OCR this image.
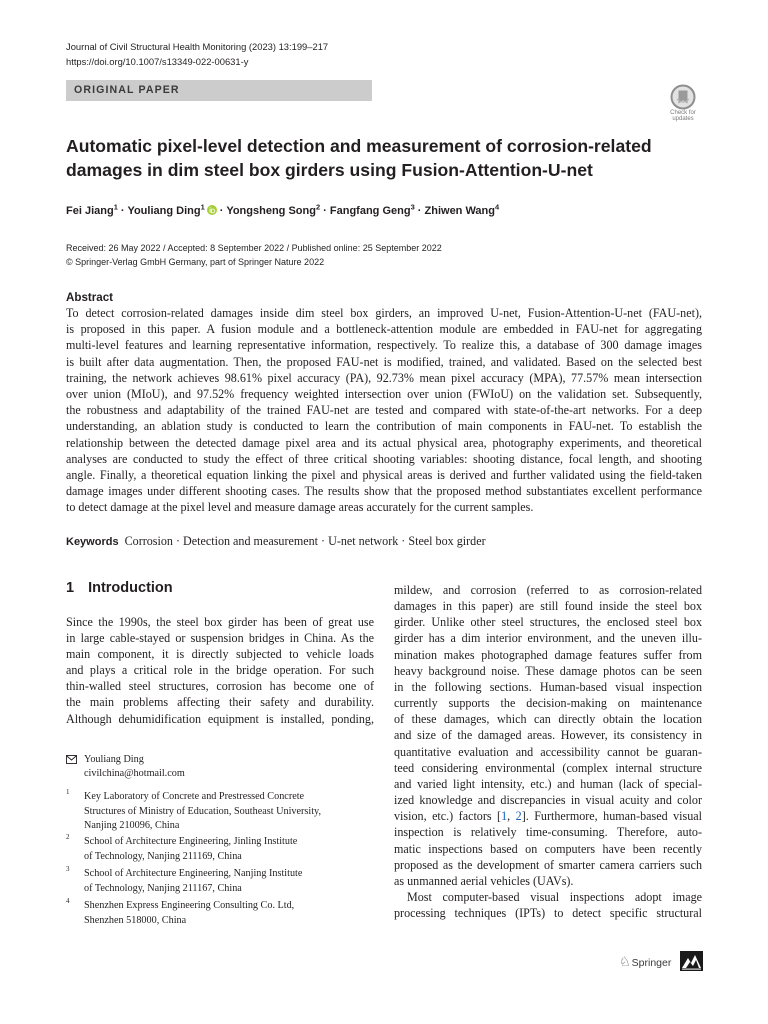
Journal of Civil Structural Health Monitoring (2023) 13:199–217
https://doi.org/10.1007/s13349-022-00631-y
ORIGINAL PAPER
Check for
updates
Automatic pixel-level detection and measurement of corrosion-related
damages in dim steel box girders using Fusion-Attention-U-net
Fei Jiang$^1$ · Youliang Ding$^1$ · Yongsheng Song$^2$ · Fangfang Geng$^3$ · Zhiwen Wang$^4$
Received: 26 May 2022 / Accepted: 8 September 2022 / Published online: 25 September 2022
© Springer-Verlag GmbH Germany, part of Springer Nature 2022
Abstract
To detect corrosion-related damages inside dim steel box girders, an improved U-net, Fusion-Attention-U-net (FAU-net),
is proposed in this paper. A fusion module and a bottleneck-attention module are embedded in FAU-net for aggregating
multi-level features and learning representative information, respectively. To realize this, a database of 300 damage images
is built after data augmentation. Then, the proposed FAU-net is modified, trained, and validated. Based on the selected best
training, the network achieves 98.61% pixel accuracy (PA), 92.73% mean pixel accuracy (MPA), 77.57% mean intersection
over union (MIoU), and 97.52% frequency weighted intersection over union (FWIoU) on the validation set. Subsequently,
the robustness and adaptability of the trained FAU-net are tested and compared with state-of-the-art networks. For a deep
understanding, an ablation study is conducted to learn the contribution of main components in FAU-net. To establish the
relationship between the detected damage pixel area and its actual physical area, photography experiments, and theoretical
analyses are conducted to study the effect of three critical shooting variables: shooting distance, focal length, and shooting
angle. Finally, a theoretical equation linking the pixel and physical areas is derived and further validated using the field-taken
damage images under different shooting cases. The results show that the proposed method substantiates excellent performance
to detect damage at the pixel level and measure damage areas accurately for the current samples.
Keywords Corrosion · Detection and measurement · U-net network · Steel box girder
1 Introduction
Since the 1990s, the steel box girder has been of great use
in large cable-stayed or suspension bridges in China. As the
main component, it is directly subjected to vehicle loads
and plays a critical role in the bridge operation. For such
thin-walled steel structures, corrosion has become one of
the main problems affecting their safety and durability.
Although dehumidification equipment is installed, ponding,
mildew, and corrosion (referred to as corrosion-related
damages in this paper) are still found inside the steel box
girder. Unlike other steel structures, the enclosed steel box
girder has a dim interior environment, and the uneven illu-
mination makes photographed damage features suffer from
heavy background noise. These damage photos can be seen
in the following sections. Human-based visual inspection
currently supports the decision-making on maintenance
of these damages, which can directly obtain the location
and size of the damaged areas. However, its consistency in
quantitative evaluation and accessibility cannot be guaran-
teed considering environmental (complex internal structure
and varied light intensity, etc.) and human (lack of special-
ized knowledge and discrepancies in visual acuity and color
vision, etc.) factors [1, 2]. Furthermore, human-based visual
inspection is relatively time-consuming. Therefore, auto-
matic inspections based on computers have been recently
proposed as the development of smarter camera carriers such
as unmanned aerial vehicles (UAVs).
Most computer-based visual inspections adopt image
processing techniques (IPTs) to detect specific structural
Youliang Ding
civilchina@hotmail.com
1 Key Laboratory of Concrete and Prestressed Concrete
Structures of Ministry of Education, Southeast University,
Nanjing 210096, China
2 School of Architecture Engineering, Jinling Institute
of Technology, Nanjing 211169, China
3 School of Architecture Engineering, Nanjing Institute
of Technology, Nanjing 211167, China
4 Shenzhen Express Engineering Consulting Co. Ltd,
Shenzhen 518000, China
♘Springer
